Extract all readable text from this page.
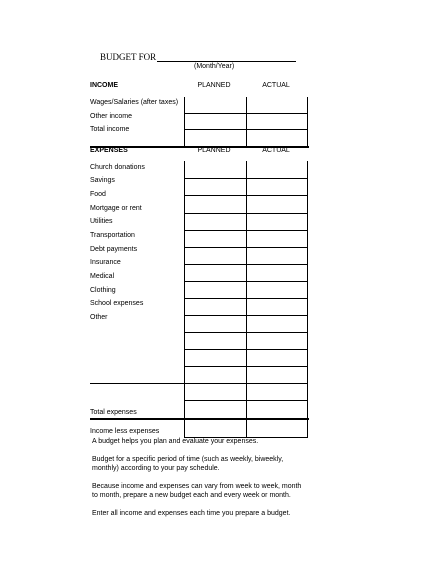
BUDGET FOR
(Month/Year)
INCOME	PLANNED	ACTUAL
Wages/Salaries (after taxes)
Other income
Total income
EXPENSES	PLANNED	ACTUAL
Church donations
Savings
Food
Mortgage or rent
Utilities
Transportation
Debt payments
Insurance
Medical
Clothing
School expenses
Other
Total expenses
Income less expenses
A budget helps you plan and evaluate your expenses.
Budget for a specific period of time (such as weekly, biweekly,
monthly) according to your pay schedule.
Because income and expenses can vary from week to week, month
to month, prepare a new budget each and every week or month.
Enter all income and expenses each time you prepare a budget.
